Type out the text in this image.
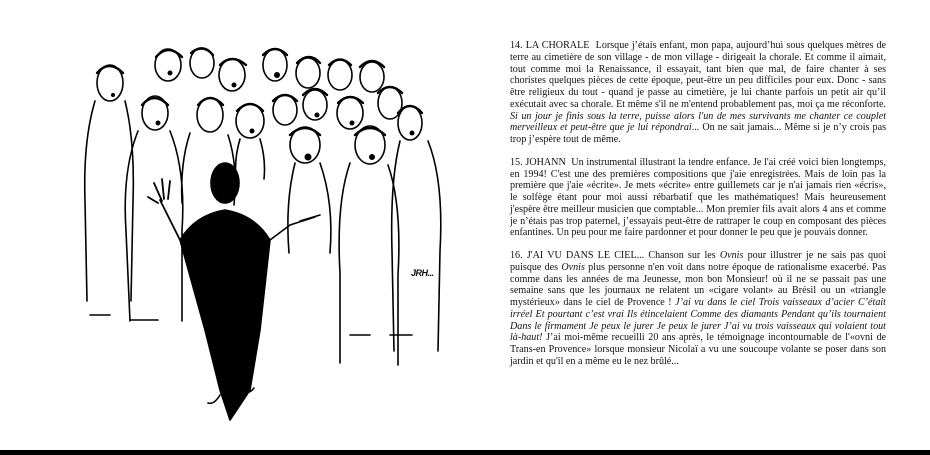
JRH...

14. LA CHORALE Lorsque j’étais enfant, mon papa, aujourd’hui sous quelques mètres de terre au cimetière de son village - de mon village - dirigeait la chorale. Et comme il aimait, tout comme moi la Renaissance, il essayait, tant bien que mal, de faire chanter à ses choristes quelques pièces de cette époque, peut-être un peu difficiles pour eux. Donc - sans être religieux du tout - quand je passe au cimetière, je lui chante parfois un petit air qu’il exécutait avec sa chorale. Et même s'il ne m'entend probablement pas, moi ça me réconforte. Si un jour je finis sous la terre, puisse alors l'un de mes survivants me chanter ce couplet merveilleux et peut-être que je lui répondrai... On ne sait jamais... Même si je n’y crois pas trop j’espère tout de même.

15. JOHANN Un instrumental illustrant la tendre enfance. Je l'ai créé voici bien longtemps, en 1994! C'est une des premières compositions que j'aie enregistrées. Mais de loin pas la première que j'aie «écrite». Je mets «écrite» entre guillemets car je n'ai jamais rien «écris», le solfège étant pour moi aussi rébarbatif que les mathématiques! Mais heureusement j'espère être meilleur musicien que comptable... Mon premier fils avait alors 4 ans et comme je n’étais pas trop paternel, j’essayais peut-être de rattraper le coup en composant des pièces enfantines. Un peu pour me faire pardonner et pour donner le peu que je pouvais donner.

16. J'AI VU DANS LE CIEL... Chanson sur les Ovnis pour illustrer je ne sais pas quoi puisque des Ovnis plus personne n'en voit dans notre époque de rationalisme exacerbé. Pas comme dans les années de ma Jeunesse, mon bon Monsieur! où il ne se passait pas une semaine sans que les journaux ne relatent un «cigare volant» au Brésil ou un «triangle mystérieux» dans le ciel de Provence ! J’ai vu dans le ciel Trois vaisseaux d’acier C’était irréel Et pourtant c’est vrai Ils étincelaient Comme des diamants Pendant qu’ils tournaient Dans le firmament Je peux le jurer Je peux le jurer J’ai vu trois vaisseaux qui volaient tout là-haut! J’ai moi-même recueilli 20 ans après, le témoignage incontournable de l'«ovni de Trans-en Provence» lorsque monsieur Nicolaï a vu une soucoupe volante se poser dans son jardin et qu'il en a même eu le nez brûlé...
